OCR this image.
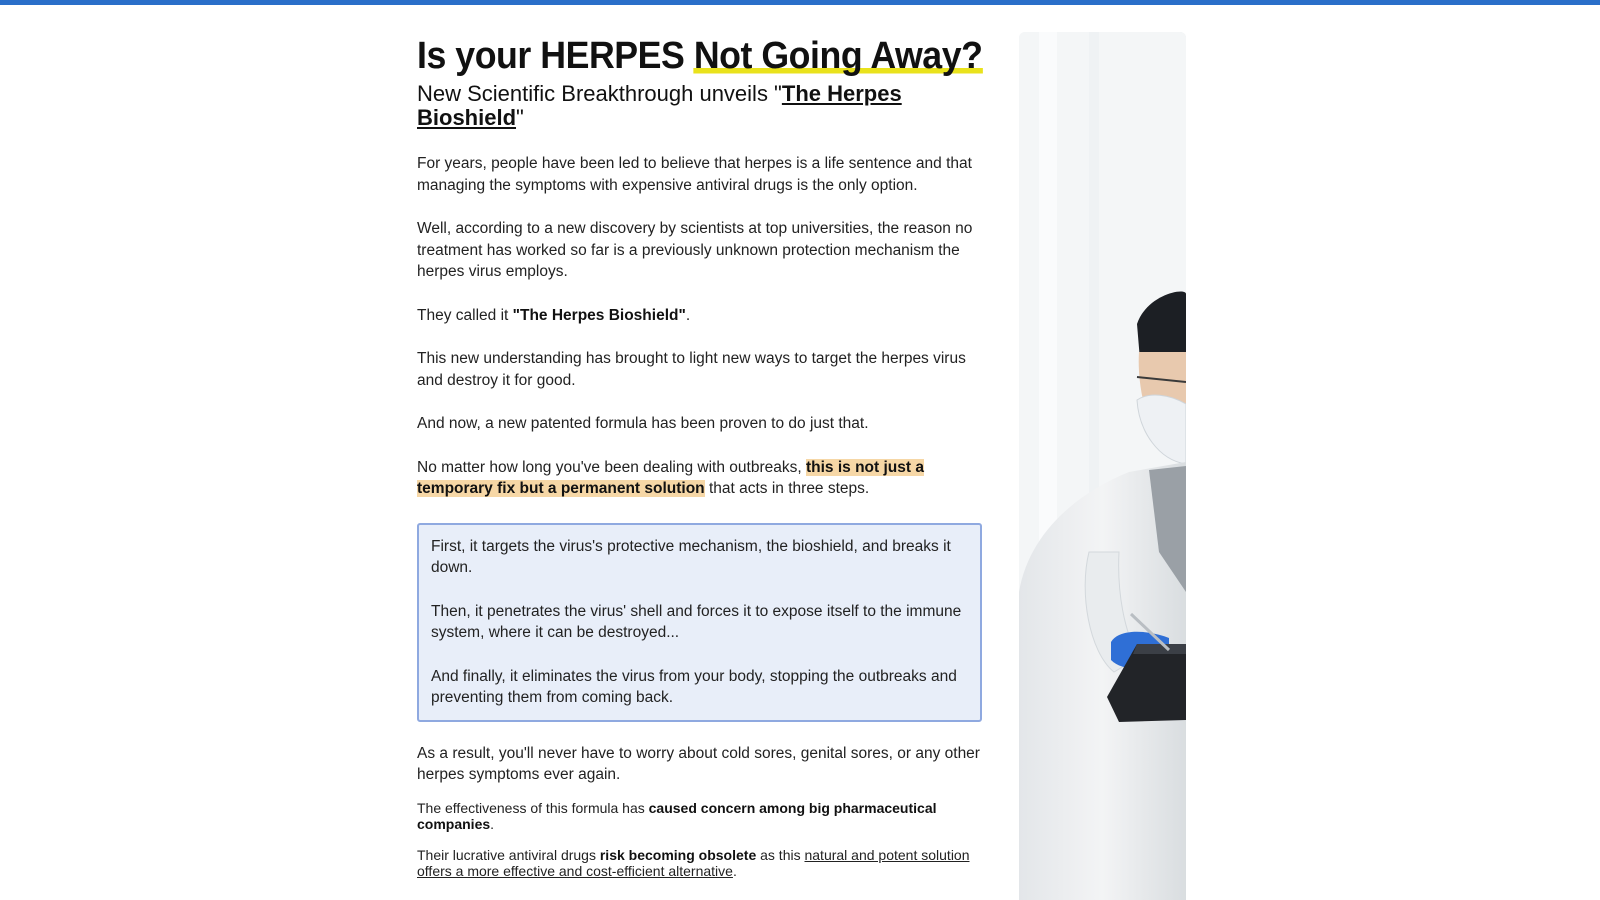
Is your HERPES Not Going Away?
New Scientific Breakthrough unveils "The Herpes Bioshield"

For years, people have been led to believe that herpes is a life sentence and that managing the symptoms with expensive antiviral drugs is the only option.

Well, according to a new discovery by scientists at top universities, the reason no treatment has worked so far is a previously unknown protection mechanism the herpes virus employs.

They called it "The Herpes Bioshield".

This new understanding has brought to light new ways to target the herpes virus and destroy it for good.

And now, a new patented formula has been proven to do just that.

No matter how long you've been dealing with outbreaks, this is not just a temporary fix but a permanent solution that acts in three steps.

First, it targets the virus's protective mechanism, the bioshield, and breaks it down.

Then, it penetrates the virus' shell and forces it to expose itself to the immune system, where it can be destroyed...

And finally, it eliminates the virus from your body, stopping the outbreaks and preventing them from coming back.

As a result, you'll never have to worry about cold sores, genital sores, or any other herpes symptoms ever again.

The effectiveness of this formula has caused concern among big pharmaceutical companies.

Their lucrative antiviral drugs risk becoming obsolete as this natural and potent solution offers a more effective and cost-efficient alternative.
